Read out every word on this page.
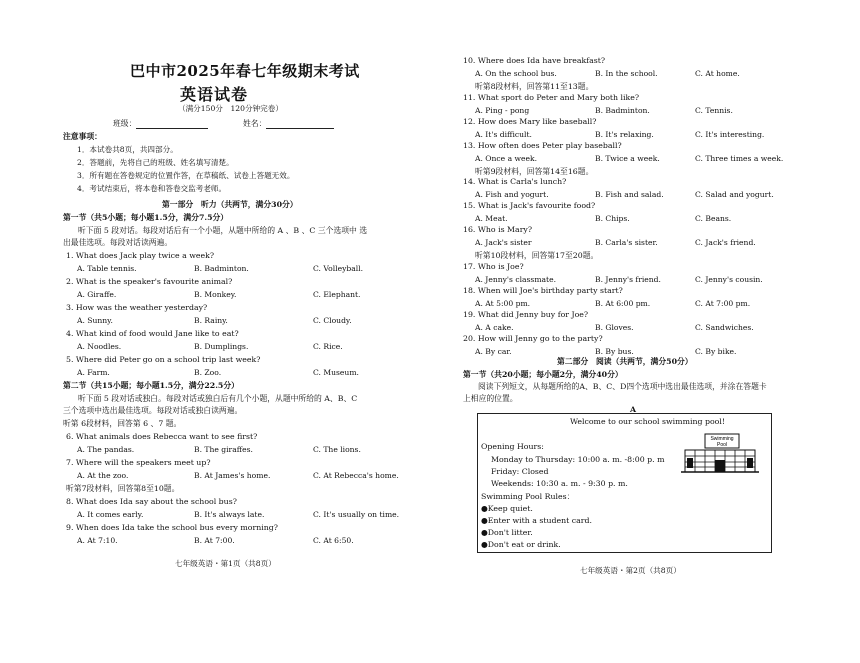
巴中市2025年春七年级期末考试
英语试卷
（满分150分　120分钟完卷）
班级：	姓名：
注意事项：
1．本试卷共8页，共四部分。
2．答题前，先将自己的班级、姓名填写清楚。
3．所有题在答卷规定的位置作答，在草稿纸、试卷上答题无效。
4．考试结束后，将本卷和答卷交监考老师。
第一部分　听力（共两节，满分30分）
第一节（共5小题；每小题1.5分，满分7.5分）
听下面 5 段对话。每段对话后有一个小题，从题中所给的 A 、B 、C 三个选项中 选
出最佳选项。每段对话读两遍。
1. What does Jack play twice a week?
A. Table tennis.	B. Badminton.	C. Volleyball.
2. What is the speaker's favourite animal?
A. Giraffe.	B. Monkey.	C. Elephant.
3. How was the weather yesterday?
A. Sunny.	B. Rainy.	C. Cloudy.
4. What kind of food would Jane like to eat?
A. Noodles.	B. Dumplings.	C. Rice.
5. Where did Peter go on a school trip last week?
A. Farm.	B. Zoo.	C. Museum.
第二节（共15小题；每小题1.5分，满分22.5分）
听下面 5 段对话或独白。每段对话或独白后有几个小题，从题中所给的 A、B、C
三个选项中选出最佳选项。每段对话或独白读两遍。
听第 6段材料，回答第 6 、7 题。
6. What animals does Rebecca want to see first?
A. The pandas.	B. The giraffes.	C. The lions.
7. Where will the speakers meet up?
A. At the zoo.	B. At James's home.	C. At Rebecca's home.
听第7段材料，回答第8至10题。
8. What does Ida say about the school bus?
A. It comes early.	B. It's always late.	C. It's usually on time.
9. When does Ida take the school bus every morning?
A. At 7:10.	B. At 7:00.	C. At 6:50.
七年级英语・第1页（共8页）
10. Where does Ida have breakfast?
A. On the school bus.	B. In the school.	C. At home.
听第8段材料，回答第11至13题。
11. What sport do Peter and Mary both like?
A. Ping - pong	B. Badminton.	C. Tennis.
12. How does Mary like baseball?
A. It's difficult.	B. It's relaxing.	C. It's interesting.
13. How often does Peter play baseball?
A. Once a week.	B. Twice a week.	C. Three times a week.
听第9段材料，回答第14至16题。
14. What is Carla's lunch?
A. Fish and yogurt.	B. Fish and salad.	C. Salad and yogurt.
15. What is Jack's favourite food?
A. Meat.	B. Chips.	C. Beans.
16. Who is Mary?
A. Jack's sister	B. Carla's sister.	C. Jack's friend.
听第10段材料，回答第17至20题。
17. Who is Joe?
A. Jenny's classmate.	B. Jenny's friend.	C. Jenny's cousin.
18. When will Joe's birthday party start?
A. At 5:00 pm.	B. At 6:00 pm.	C. At 7:00 pm.
19. What did Jenny buy for Joe?
A. A cake.	B. Gloves.	C. Sandwiches.
20. How will Jenny go to the party?
A. By car.	B. By bus.	C. By bike.
第二部分　阅读（共两节，满分50分）
第一节（共20小题；每小题2分，满分40分）
阅读下列短文，从每题所给的A、B、C、D四个选项中选出最佳选项，并涂在答题卡
上相应的位置。
A
Welcome to our school swimming pool!
Swimming
Pool
Opening Hours:
Monday to Thursday: 10:00 a. m. -8:00 p. m
Friday: Closed
Weekends: 10:30 a. m. - 9:30 p. m.
Swimming Pool Rules：
●Keep quiet.
●Enter with a student card.
●Don't litter.
●Don't eat or drink.
七年级英语・第2页（共8页）
